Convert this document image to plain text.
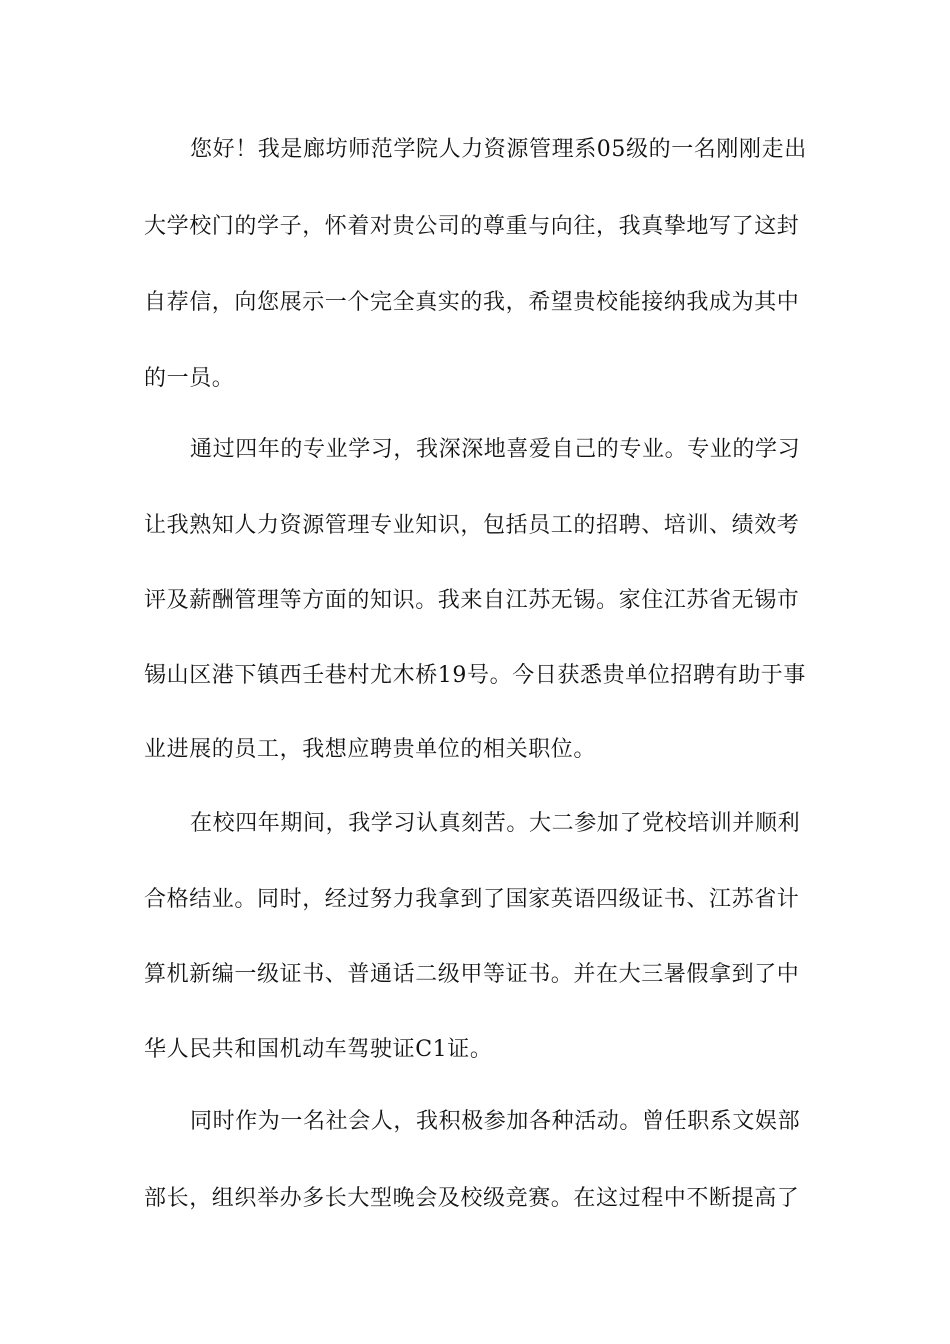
您好！我是廊坊师范学院人力资源管理系05级的一名刚刚走出

大学校门的学子，怀着对贵公司的尊重与向往，我真挚地写了这封

自荐信，向您展示一个完全真实的我，希望贵校能接纳我成为其中

的一员。

通过四年的专业学习，我深深地喜爱自己的专业。专业的学习

让我熟知人力资源管理专业知识，包括员工的招聘、培训、绩效考

评及薪酬管理等方面的知识。我来自江苏无锡。家住江苏省无锡市

锡山区港下镇西壬巷村尤木桥19号。今日获悉贵单位招聘有助于事

业进展的员工，我想应聘贵单位的相关职位。

在校四年期间，我学习认真刻苦。大二参加了党校培训并顺利

合格结业。同时，经过努力我拿到了国家英语四级证书、江苏省计

算机新编一级证书、普通话二级甲等证书。并在大三暑假拿到了中

华人民共和国机动车驾驶证C1证。

同时作为一名社会人，我积极参加各种活动。曾任职系文娱部

部长，组织举办多长大型晚会及校级竞赛。在这过程中不断提高了
